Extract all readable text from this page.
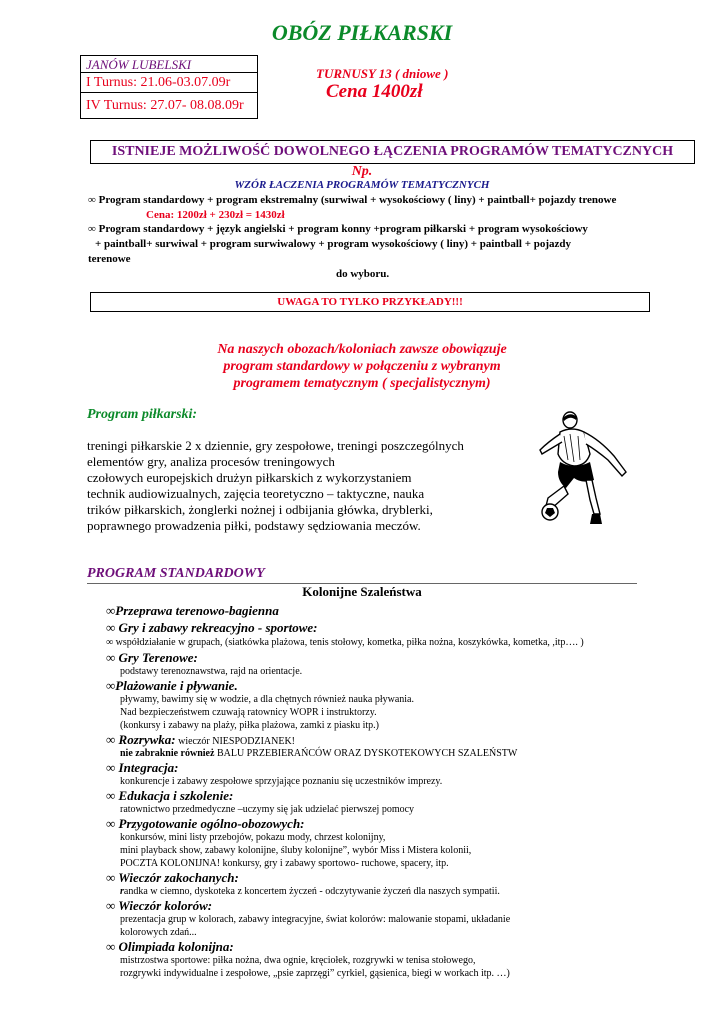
OBÓZ PIŁKARSKI
JANÓW LUBELSKI
I Turnus: 21.06-03.07.09r
IV Turnus: 27.07- 08.08.09r
TURNUSY 13 ( dniowe )
Cena 1400zł
ISTNIEJE MOŻLIWOŚĆ DOWOLNEGO ŁĄCZENIA PROGRAMÓW TEMATYCZNYCH
Np.
WZÓR ŁACZENIA PROGRAMÓW TEMATYCZNYCH
∞ Program standardowy + program ekstremalny (surwiwal + wysokościowy ( liny) + paintball+ pojazdy trenowe
Cena: 1200zł + 230zł = 1430zł
∞ Program standardowy + język angielski + program konny +program piłkarski + program wysokościowy
+ paintball+ surwiwal + program surwiwalowy + program wysokościowy ( liny) + paintball + pojazdy
terenowe
do wyboru.
UWAGA TO TYLKO PRZYKŁADY!!!
Na naszych obozach/koloniach zawsze obowiązuje
program standardowy w połączeniu z wybranym
programem tematycznym ( specjalistycznym)
Program piłkarski:
treningi piłkarskie 2 x dziennie, gry zespołowe, treningi poszczególnych
elementów gry, analiza procesów treningowych
czołowych europejskich drużyn piłkarskich z wykorzystaniem
technik audiowizualnych, zajęcia teoretyczno – taktyczne, nauka
trików piłkarskich, żonglerki nożnej i odbijania główka, dryblerki,
poprawnego prowadzenia piłki, podstawy sędziowania meczów.
PROGRAM STANDARDOWY
Kolonijne Szaleństwa
∞Przeprawa terenowo-bagienna
∞ Gry i zabawy rekreacyjno - sportowe:
∞ współdziałanie w grupach, (siatkówka plażowa, tenis stołowy, kometka, piłka nożna, koszykówka, kometka, ,itp…. )
∞ Gry Terenowe:
podstawy terenoznawstwa, rajd na orientacje.
∞Plażowanie i pływanie.
pływamy, bawimy się w wodzie, a dla chętnych również nauka pływania.
Nad bezpieczeństwem czuwają ratownicy WOPR i instruktorzy.
(konkursy i zabawy na plaży, piłka plażowa, zamki z piasku itp.)
∞ Rozrywka: wieczór NIESPODZIANEK!
nie zabraknie również BALU PRZEBIERAŃCÓW ORAZ DYSKOTEKOWYCH SZALEŃSTW
∞ Integracja:
konkurencje i zabawy zespołowe sprzyjające poznaniu się uczestników imprezy.
∞ Edukacja i szkolenie:
ratownictwo przedmedyczne –uczymy się jak udzielać pierwszej pomocy
∞ Przygotowanie ogólno-obozowych:
konkursów, mini listy przebojów, pokazu mody, chrzest kolonijny,
mini playback show, zabawy kolonijne, śluby kolonijne”, wybór Miss i Mistera kolonii,
POCZTA KOLONIJNA! konkursy, gry i zabawy sportowo- ruchowe, spacery, itp.
∞ Wieczór zakochanych:
randka w ciemno, dyskoteka z koncertem życzeń - odczytywanie życzeń dla naszych sympatii.
∞ Wieczór kolorów:
prezentacja grup w kolorach, zabawy integracyjne, świat kolorów: malowanie stopami, układanie
kolorowych zdań...
∞ Olimpiada kolonijna:
mistrzostwa sportowe: piłka nożna, dwa ognie, kręciołek, rozgrywki w tenisa stołowego,
rozgrywki indywidualne i zespołowe, „psie zaprzęgi” cyrkiel, gąsienica, biegi w workach itp. …)
